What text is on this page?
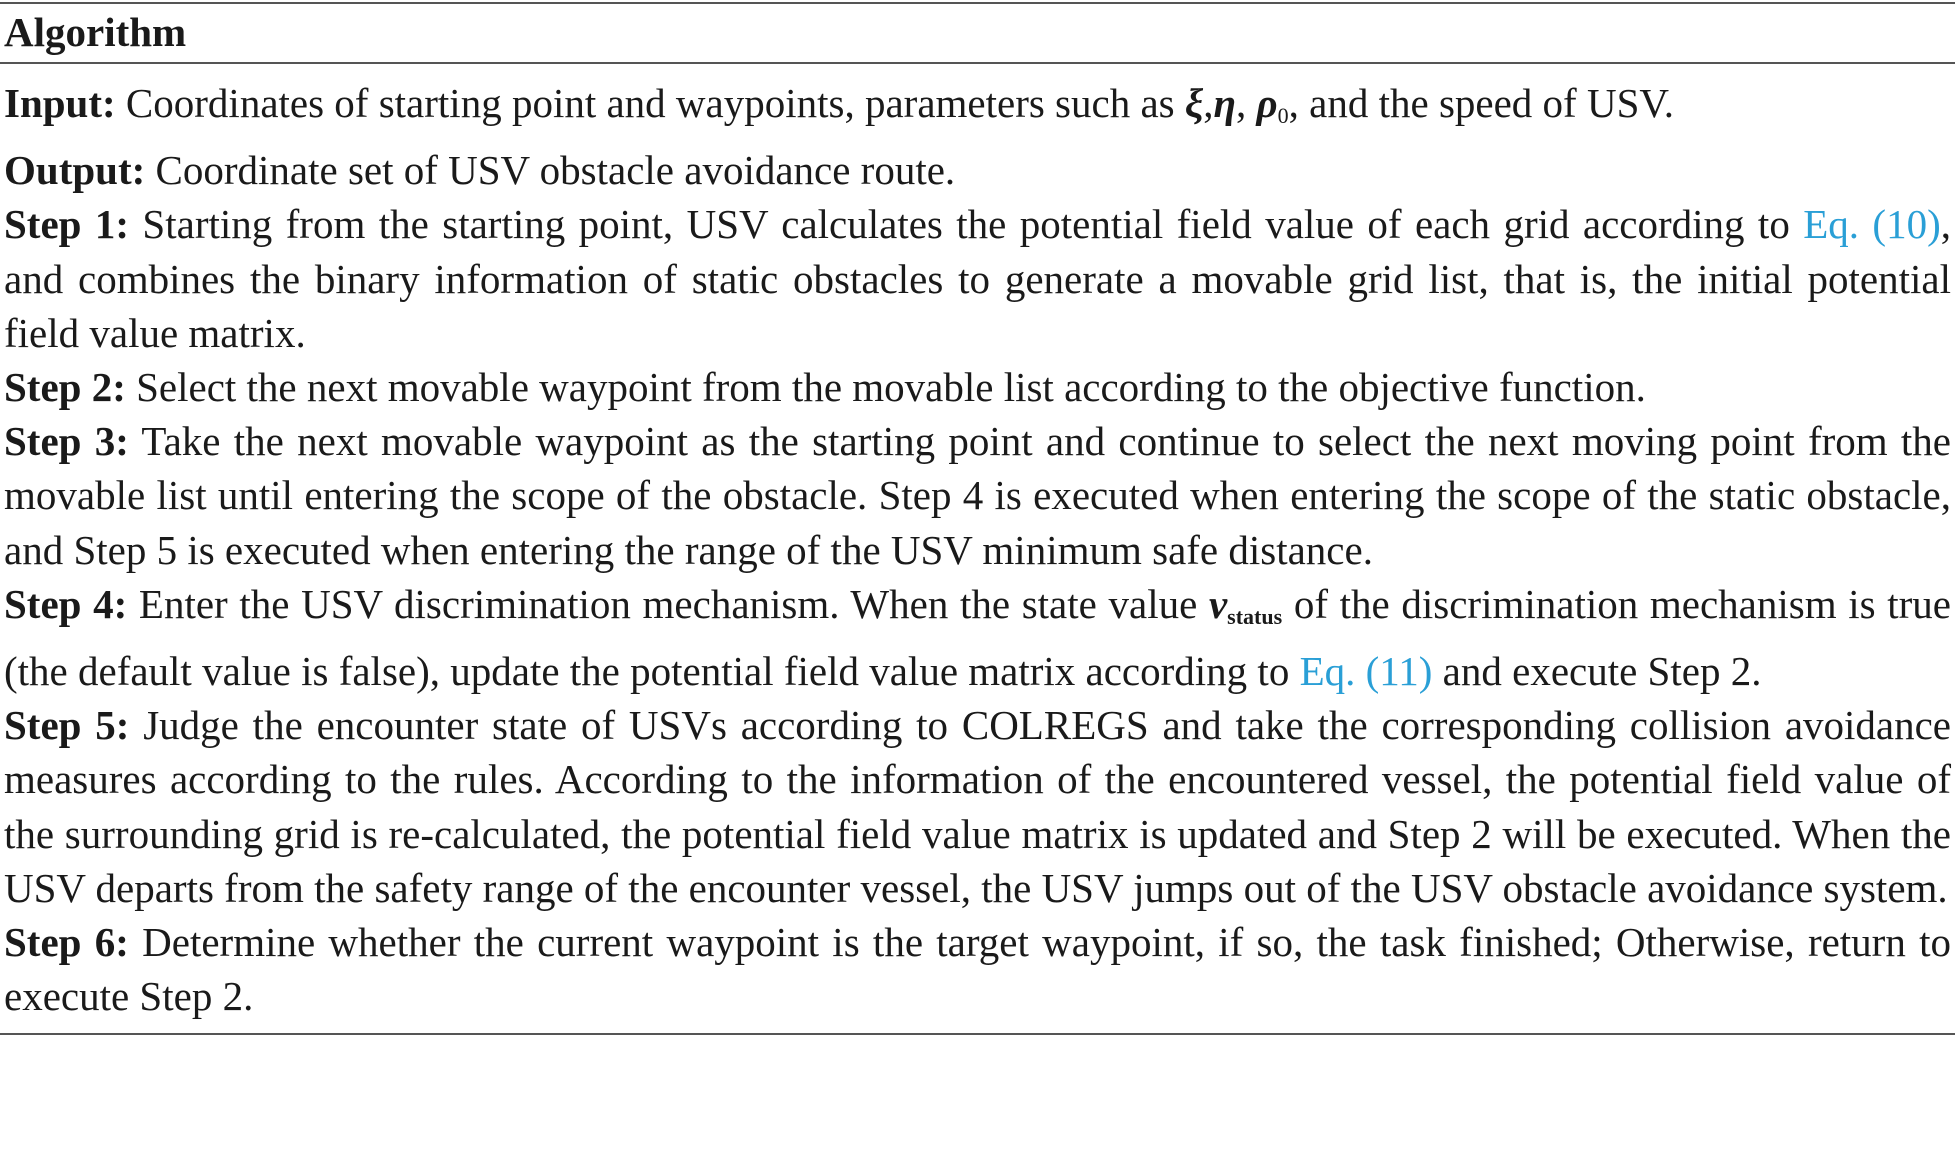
Algorithm

Input: Coordinates of starting point and waypoints, parameters such as ξ,η, $\rho_0$, and the speed of USV.

Output: Coordinate set of USV obstacle avoidance route.

Step 1: Starting from the starting point, USV calculates the potential field value of each grid according to Eq. (10), and combines the binary information of static obstacles to generate a movable grid list, that is, the initial potential field value matrix.

Step 2: Select the next movable waypoint from the movable list according to the objective function.

Step 3: Take the next movable waypoint as the starting point and continue to select the next moving point from the movable list until entering the scope of the obstacle. Step 4 is executed when entering the scope of the static obstacle, and Step 5 is executed when entering the range of the USV minimum safe distance.

Step 4: Enter the USV discrimination mechanism. When the state value $v_{status}$ of the discrimination mechanism is true (the default value is false), update the potential field value matrix according to Eq. (11) and execute Step 2.

Step 5: Judge the encounter state of USVs according to COLREGS and take the corresponding collision avoidance measures according to the rules. According to the information of the encountered vessel, the potential field value of the surrounding grid is re-calculated, the potential field value matrix is updated and Step 2 will be executed. When the USV departs from the safety range of the encounter vessel, the USV jumps out of the USV obstacle avoidance system.

Step 6: Determine whether the current waypoint is the target waypoint, if so, the task finished; Otherwise, return to execute Step 2.
